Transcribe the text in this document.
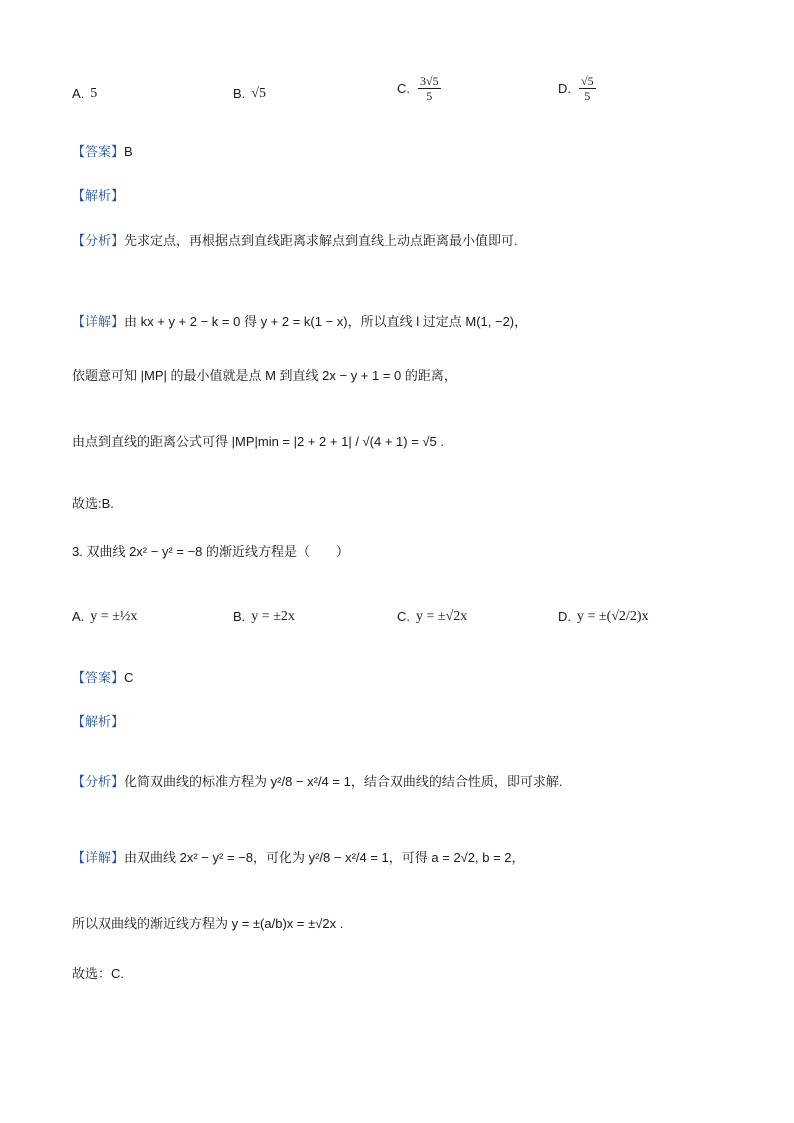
A. 5	B. √5	C. $\frac{3√5}{5}$	D. $\frac{√5}{5}$
【答案】B
【解析】
【分析】先求定点，再根据点到直线距离求解点到直线上动点距离最小值即可.
【详解】由 kx + y + 2 − k = 0 得 y + 2 = k(1 − x)，所以直线 l 过定点 M(1, −2)，
依题意可知 |MP| 的最小值就是点 M 到直线 2x − y + 1 = 0 的距离，
由点到直线的距离公式可得 |MP|min = |2 + 2 + 1| / √(4 + 1) = √5 .
故选:B.
3. 双曲线 2x² − y² = −8 的渐近线方程是（　　）
A. y = ±½x	B. y = ±2x	C. y = ±√2x	D. y = ±(√2/2)x
【答案】C
【解析】
【分析】化简双曲线的标准方程为 y²/8 − x²/4 = 1，结合双曲线的结合性质，即可求解.
【详解】由双曲线 2x² − y² = −8，可化为 y²/8 − x²/4 = 1，可得 a = 2√2, b = 2，
所以双曲线的渐近线方程为 y = ±(a/b)x = ±√2x .
故选：C.
